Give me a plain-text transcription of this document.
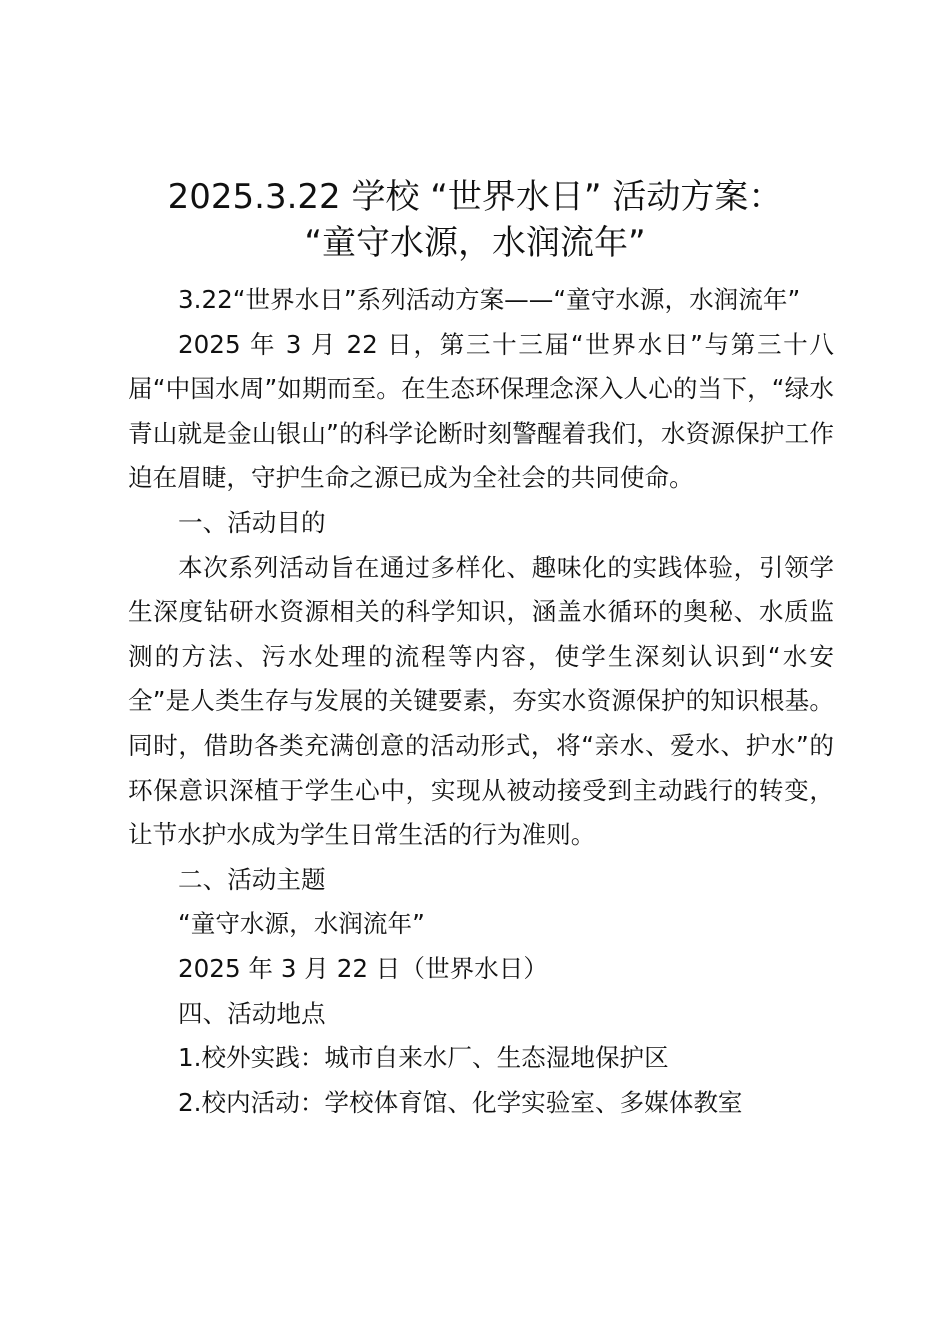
2025.3.22 学校 “世界水日” 活动方案：
“童守水源，水润流年”

3.22“世界水日”系列活动方案——“童守水源，水润流年”

2025 年 3 月 22 日，第三十三届“世界水日”与第三十八届“中国水周”如期而至。在生态环保理念深入人心的当下，“绿水青山就是金山银山”的科学论断时刻警醒着我们，水资源保护工作迫在眉睫，守护生命之源已成为全社会的共同使命。

一、活动目的

本次系列活动旨在通过多样化、趣味化的实践体验，引领学生深度钻研水资源相关的科学知识，涵盖水循环的奥秘、水质监测的方法、污水处理的流程等内容，使学生深刻认识到“水安全”是人类生存与发展的关键要素，夯实水资源保护的知识根基。同时，借助各类充满创意的活动形式，将“亲水、爱水、护水”的环保意识深植于学生心中，实现从被动接受到主动践行的转变，让节水护水成为学生日常生活的行为准则。

二、活动主题

“童守水源，水润流年”

2025 年 3 月 22 日（世界水日）

四、活动地点

1.校外实践：城市自来水厂、生态湿地保护区

2.校内活动：学校体育馆、化学实验室、多媒体教室
